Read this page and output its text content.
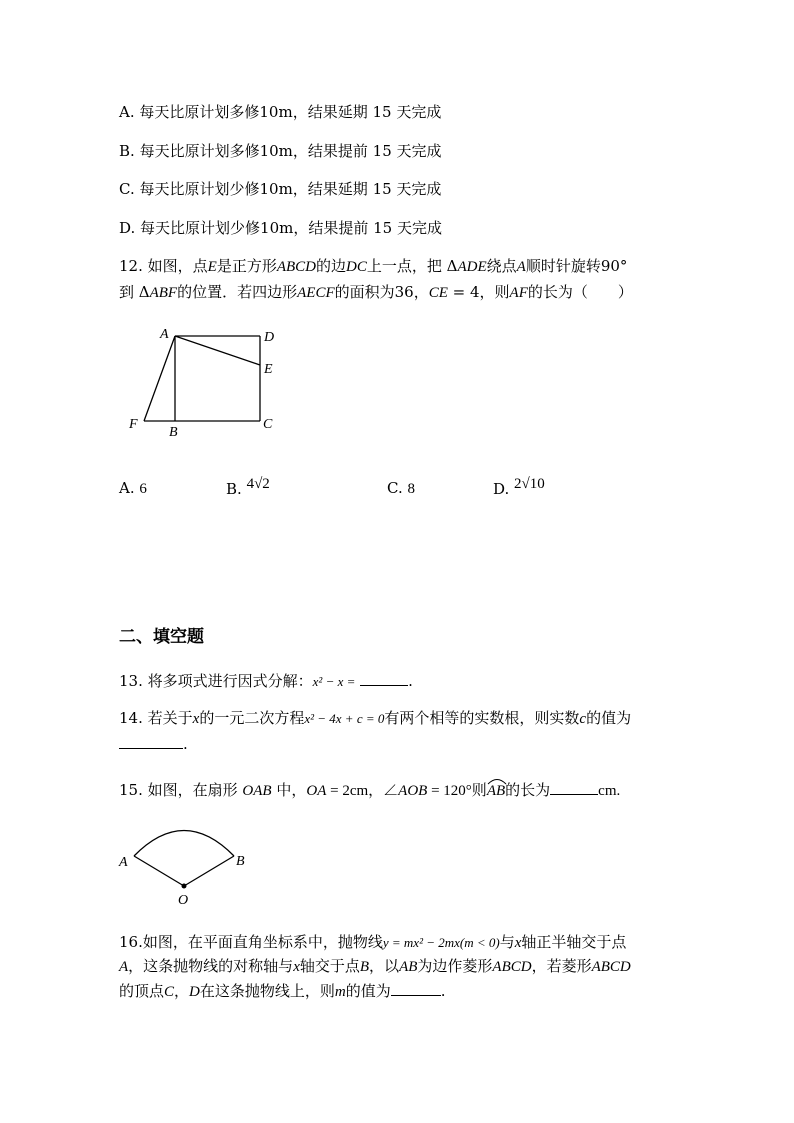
A. 每天比原计划多修10m，结果延期 15 天完成
B. 每天比原计划多修10m，结果提前 15 天完成
C. 每天比原计划少修10m，结果延期 15 天完成
D. 每天比原计划少修10m，结果提前 15 天完成
12. 如图，点E是正方形ABCD的边DC上一点，把 ΔADE绕点A顺时针旋转90°
到 ΔABF的位置．若四边形AECF的面积为36，CE = 4，则AF的长为（　　）
A	D
E
F
B
C
A. 6	B. 4√2	C. 8	D. 2√10
二、填空题
13. 将多项式进行因式分解：x² − x =	.
14. 若关于x的一元二次方程x² − 4x + c = 0有两个相等的实数根，则实数c的值为
.
15. 如图，在扇形 OAB 中，OA = 2cm，∠AOB = 120°则AB
的长为	cm.
A	B
O
16.如图，在平面直角坐标系中，抛物线y = mx² − 2mx(m < 0)与x轴正半轴交于点
A，这条抛物线的对称轴与x轴交于点B，以AB为边作菱形ABCD，若菱形ABCD
的顶点C，D在这条抛物线上，则m的值为	.
